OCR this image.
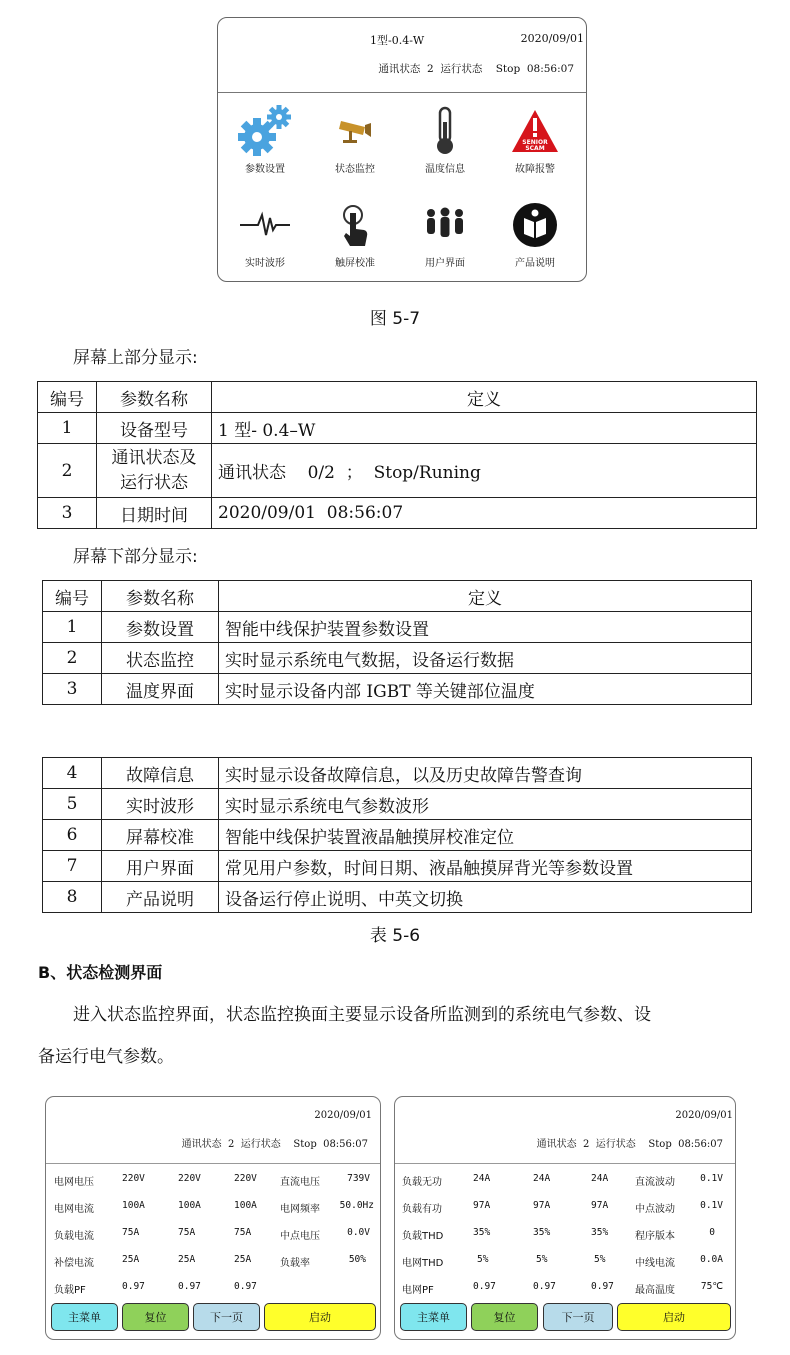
1型-0.4-W	2020/09/01
通讯状态  2  运行状态    Stop  08:56:07
参数设置	状态监控	温度信息
SENIOR
SCAM
故障报警
实时波形	触屏校准	用户界面	产品说明
图 5-7
屏幕上部分显示:
编号	参数名称	定义
1	设备型号	1 型- 0.4–W
2	通讯状态及
运行状态	通讯状态    0/2  ；  Stop/Runing
3	日期时间	2020/09/01  08:56:07
屏幕下部分显示:
编号	参数名称	定义
1	参数设置	智能中线保护装置参数设置
2	状态监控	实时显示系统电气数据，设备运行数据
3	温度界面	实时显示设备内部 IGBT 等关键部位温度
4	故障信息	实时显示设备故障信息，以及历史故障告警查询
5	实时波形	实时显示系统电气参数波形
6	屏幕校准	智能中线保护装置液晶触摸屏校准定位
7	用户界面	常见用户参数，时间日期、液晶触摸屏背光等参数设置
8	产品说明	设备运行停止说明、中英文切换
表 5-6
B、状态检测界面
进入状态监控界面，状态监控换面主要显示设备所监测到的系统电气参数、设
备运行电气参数。
2020/09/01
通讯状态  2  运行状态    Stop  08:56:07
电网电压	220V	220V	220V 直流电压	739V
电网电流	100A	100A	100A 电网频率 50.0Hz
负载电流	75A	75A	75A	中点电压	0.0V
补偿电流	25A	25A	25A	负载率	50%
负载PF	0.97	0.97	0.97
主菜单	复位	下一页	启动
2020/09/01
通讯状态  2  运行状态    Stop  08:56:07
负载无功	24A	24A	24A	直流波动	0.1V
负载有功	97A	97A	97A	中点波动	0.1V
负载THD	35%	35%	35%	程序版本	0
电网THD	5%	5%	5%	中线电流	0.0A
电网PF	0.97	0.97	0.97 最高温度	75℃
主菜单	复位	下一页	启动
